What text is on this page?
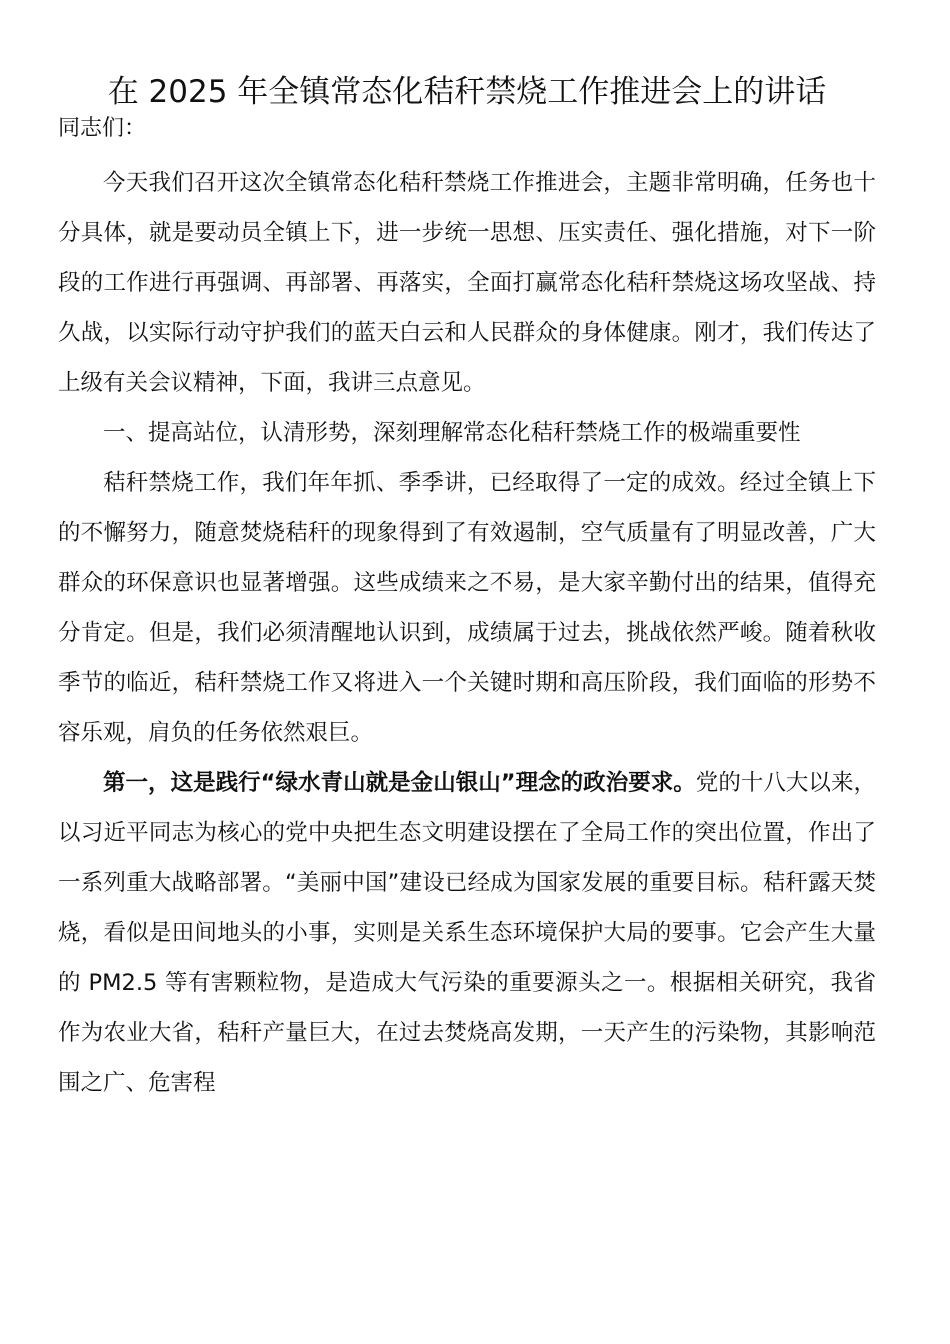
在 2025 年全镇常态化秸秆禁烧工作推进会上的讲话

同志们：

今天我们召开这次全镇常态化秸秆禁烧工作推进会，主题非常明确，任务也十分具体，就是要动员全镇上下，进一步统一思想、压实责任、强化措施，对下一阶段的工作进行再强调、再部署、再落实，全面打赢常态化秸秆禁烧这场攻坚战、持久战，以实际行动守护我们的蓝天白云和人民群众的身体健康。刚才，我们传达了上级有关会议精神，下面，我讲三点意见。

一、提高站位，认清形势，深刻理解常态化秸秆禁烧工作的极端重要性

秸秆禁烧工作，我们年年抓、季季讲，已经取得了一定的成效。经过全镇上下的不懈努力，随意焚烧秸秆的现象得到了有效遏制，空气质量有了明显改善，广大群众的环保意识也显著增强。这些成绩来之不易，是大家辛勤付出的结果，值得充分肯定。但是，我们必须清醒地认识到，成绩属于过去，挑战依然严峻。随着秋收季节的临近，秸秆禁烧工作又将进入一个关键时期和高压阶段，我们面临的形势不容乐观，肩负的任务依然艰巨。

第一，这是践行“绿水青山就是金山银山”理念的政治要求。党的十八大以来，以习近平同志为核心的党中央把生态文明建设摆在了全局工作的突出位置，作出了一系列重大战略部署。“美丽中国”建设已经成为国家发展的重要目标。秸秆露天焚烧，看似是田间地头的小事，实则是关系生态环境保护大局的要事。它会产生大量的 PM2.5 等有害颗粒物，是造成大气污染的重要源头之一。根据相关研究，我省作为农业大省，秸秆产量巨大，在过去焚烧高发期，一天产生的污染物，其影响范围之广、危害程
